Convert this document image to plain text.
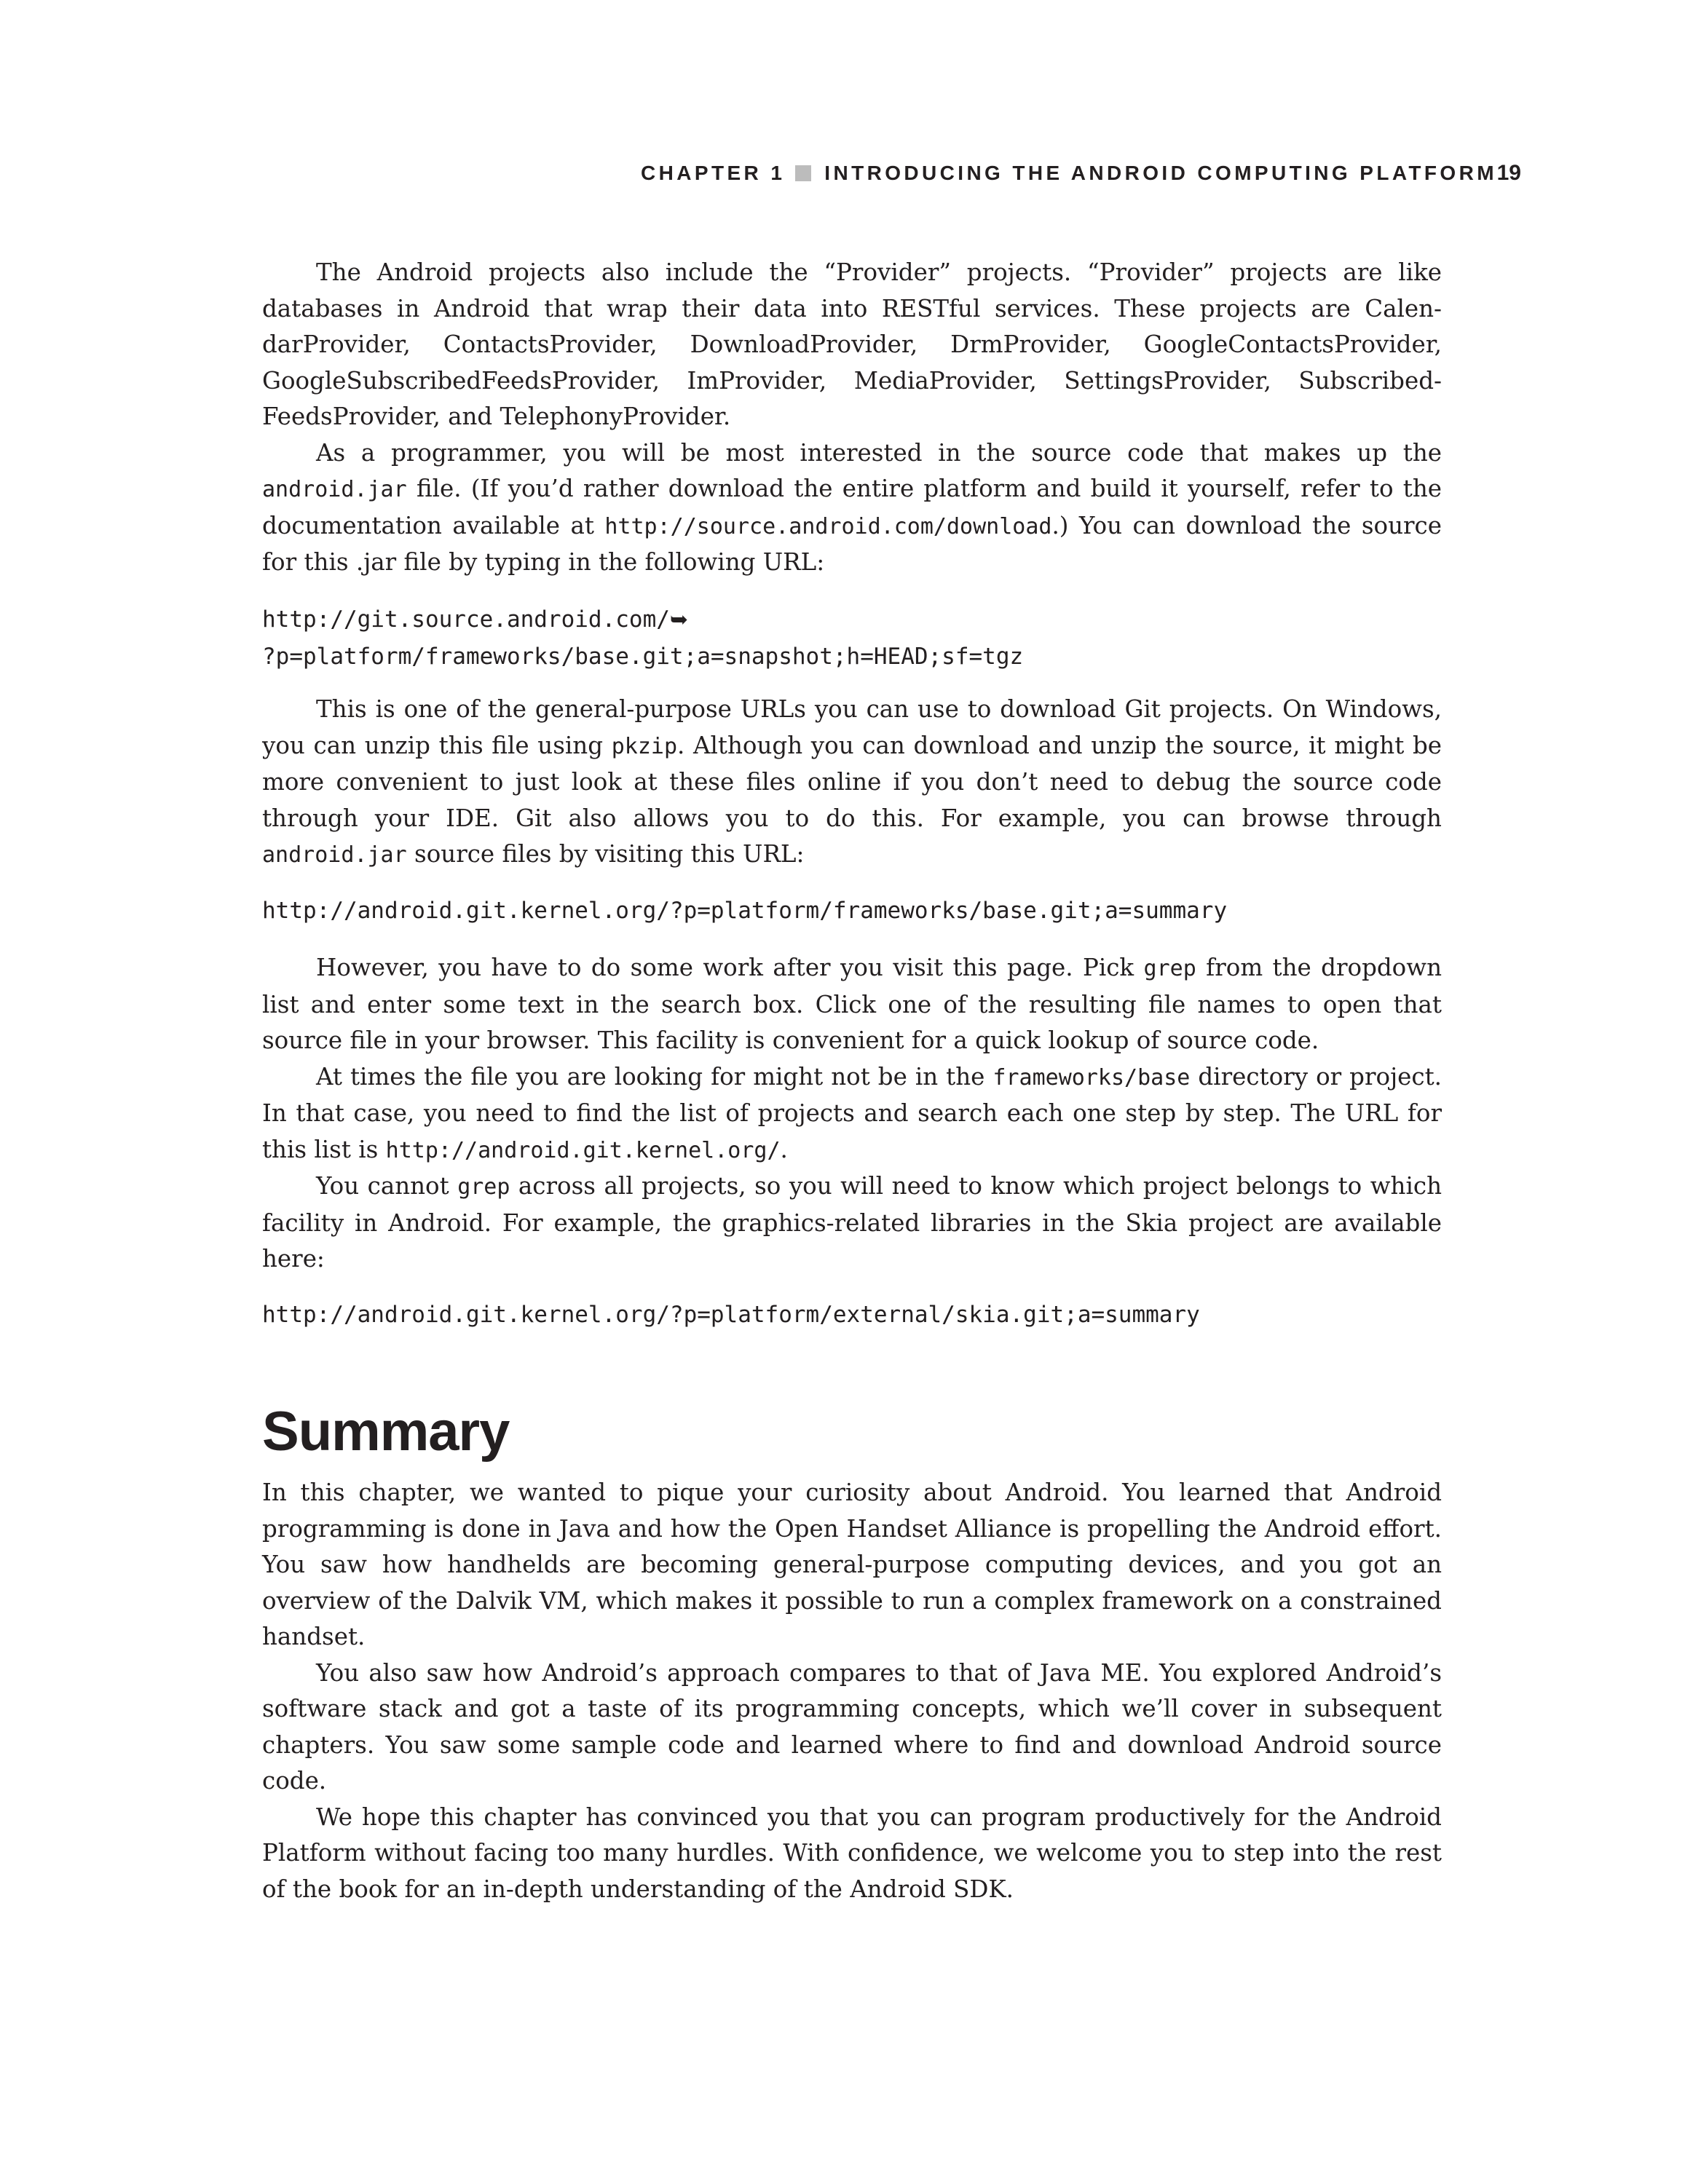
CHAPTER 1 INTRODUCING THE ANDROID COMPUTING PLATFORM 19

The Android projects also include the “Provider” projects. “Provider” projects are like databases in Android that wrap their data into RESTful services. These projects are CalendarProvider, ContactsProvider, DownloadProvider, DrmProvider, GoogleContactsProvider, GoogleSubscribedFeedsProvider, ImProvider, MediaProvider, SettingsProvider, SubscribedFeedsProvider, and TelephonyProvider.

As a programmer, you will be most interested in the source code that makes up the android.jar file. (If you’d rather download the entire platform and build it yourself, refer to the documentation available at http://source.android.com/download.) You can download the source for this .jar file by typing in the following URL:

http://git.source.android.com/➥
?p=platform/frameworks/base.git;a=snapshot;h=HEAD;sf=tgz

This is one of the general-purpose URLs you can use to download Git projects. On Windows, you can unzip this file using pkzip. Although you can download and unzip the source, it might be more convenient to just look at these files online if you don’t need to debug the source code through your IDE. Git also allows you to do this. For example, you can browse through android.jar source files by visiting this URL:

http://android.git.kernel.org/?p=platform/frameworks/base.git;a=summary

However, you have to do some work after you visit this page. Pick grep from the dropdown list and enter some text in the search box. Click one of the resulting file names to open that source file in your browser. This facility is convenient for a quick lookup of source code.

At times the file you are looking for might not be in the frameworks/base directory or project. In that case, you need to find the list of projects and search each one step by step. The URL for this list is http://android.git.kernel.org/.

You cannot grep across all projects, so you will need to know which project belongs to which facility in Android. For example, the graphics-related libraries in the Skia project are available here:

http://android.git.kernel.org/?p=platform/external/skia.git;a=summary
Summary

In this chapter, we wanted to pique your curiosity about Android. You learned that Android programming is done in Java and how the Open Handset Alliance is propelling the Android effort. You saw how handhelds are becoming general-purpose computing devices, and you got an overview of the Dalvik VM, which makes it possible to run a complex framework on a constrained handset.

You also saw how Android’s approach compares to that of Java ME. You explored Android’s software stack and got a taste of its programming concepts, which we’ll cover in subsequent chapters. You saw some sample code and learned where to find and download Android source code.

We hope this chapter has convinced you that you can program productively for the Android Platform without facing too many hurdles. With confidence, we welcome you to step into the rest of the book for an in-depth understanding of the Android SDK.
